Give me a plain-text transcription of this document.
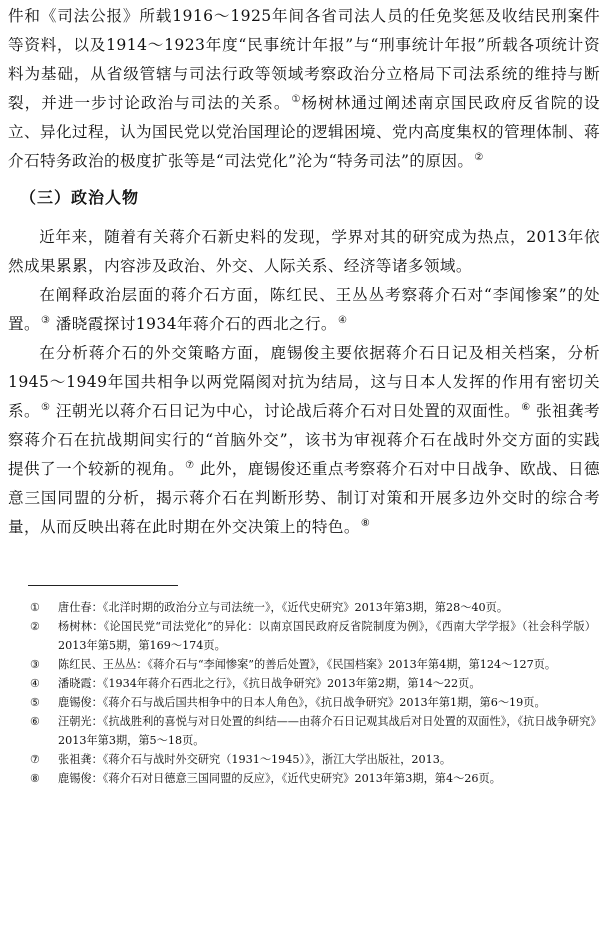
件和《司法公报》所载1916～1925年间各省司法人员的任免奖惩及收结民刑案件等资料，以及1914～1923年度“民事统计年报”与“刑事统计年报”所载各项统计资料为基础，从省级管辖与司法行政等领域考察政治分立格局下司法系统的维持与断裂，并进一步讨论政治与司法的关系。①杨树林通过阐述南京国民政府反省院的设立、异化过程，认为国民党以党治国理论的逻辑困境、党内高度集权的管理体制、蒋介石特务政治的极度扩张等是“司法党化”沦为“特务司法”的原因。②

（三）政治人物

近年来，随着有关蒋介石新史料的发现，学界对其的研究成为热点，2013年依然成果累累，内容涉及政治、外交、人际关系、经济等诸多领域。

在阐释政治层面的蒋介石方面，陈红民、王丛丛考察蒋介石对“李闻惨案”的处置。③ 潘晓霞探讨1934年蒋介石的西北之行。④

在分析蒋介石的外交策略方面，鹿锡俊主要依据蒋介石日记及相关档案，分析1945～1949年国共相争以两党隔阂对抗为结局，这与日本人发挥的作用有密切关系。⑤ 汪朝光以蒋介石日记为中心，讨论战后蒋介石对日处置的双面性。⑥ 张祖龚考察蒋介石在抗战期间实行的“首脑外交”，该书为审视蒋介石在战时外交方面的实践提供了一个较新的视角。⑦ 此外，鹿锡俊还重点考察蒋介石对中日战争、欧战、日德意三国同盟的分析，揭示蒋介石在判断形势、制订对策和开展多边外交时的综合考量，从而反映出蒋在此时期在外交决策上的特色。⑧

①	唐仕春：《北洋时期的政治分立与司法统一》，《近代史研究》2013年第3期，第28～40页。
②	杨树林：《论国民党“司法党化”的异化：以南京国民政府反省院制度为例》，《西南大学学报》（社会科学版）2013年第5期，第169～174页。
③	陈红民、王丛丛：《蒋介石与“李闻惨案”的善后处置》，《民国档案》2013年第4期，第124～127页。
④	潘晓霞：《1934年蒋介石西北之行》，《抗日战争研究》2013年第2期，第14～22页。
⑤	鹿锡俊：《蒋介石与战后国共相争中的日本人角色》，《抗日战争研究》2013年第1期，第6～19页。
⑥	汪朝光：《抗战胜利的喜悦与对日处置的纠结——由蒋介石日记观其战后对日处置的双面性》，《抗日战争研究》2013年第3期，第5～18页。
⑦	张祖龚：《蒋介石与战时外交研究（1931～1945）》，浙江大学出版社，2013。
⑧	鹿锡俊：《蒋介石对日德意三国同盟的反应》，《近代史研究》2013年第3期，第4～26页。
